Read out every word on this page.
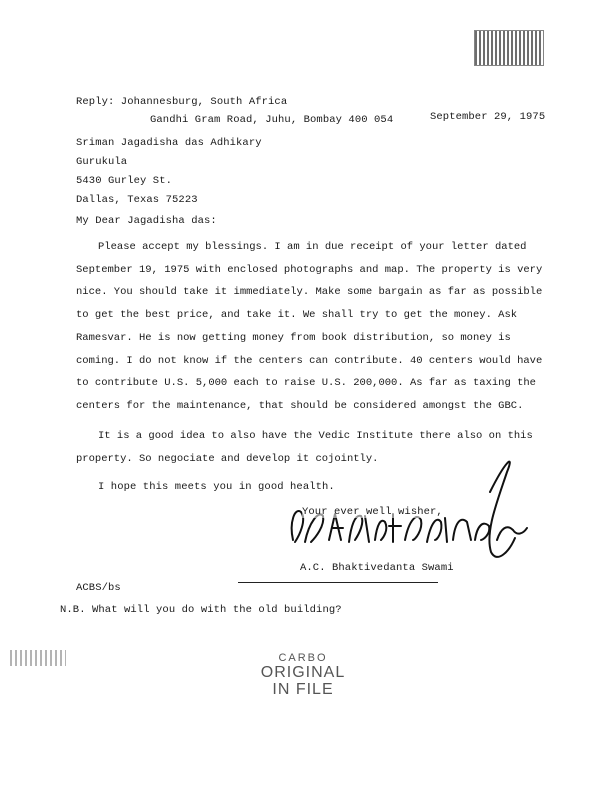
Reply: Johannesburg, South Africa
Gandhi Gram Road, Juhu, Bombay 400 054	September 29, 1975
Sriman Jagadisha das Adhikary
Gurukula
5430 Gurley St.
Dallas, Texas 75223
My Dear Jagadisha das:
Please accept my blessings. I am in due receipt of your letter dated September 19, 1975 with enclosed photographs and map. The property is very nice. You should take it immediately. Make some bargain as far as possible to get the best price, and take it. We shall try to get the money. Ask Ramesvar. He is now getting money from book distribution, so money is coming. I do not know if the centers can contribute. 40 centers would have to contribute U.S. 5,000 each to raise U.S. 200,000. As far as taxing the centers for the maintenance, that should be considered amongst the GBC.
It is a good idea to also have the Vedic Institute there also on this property. So negociate and develop it cojointly.
I hope this meets you in good health.
Your ever well wisher,
A.C. Bhaktivedanta Swami
ACBS/bs
N.B. What will you do with the old building?
CARBO
ORIGINAL
IN FILE
